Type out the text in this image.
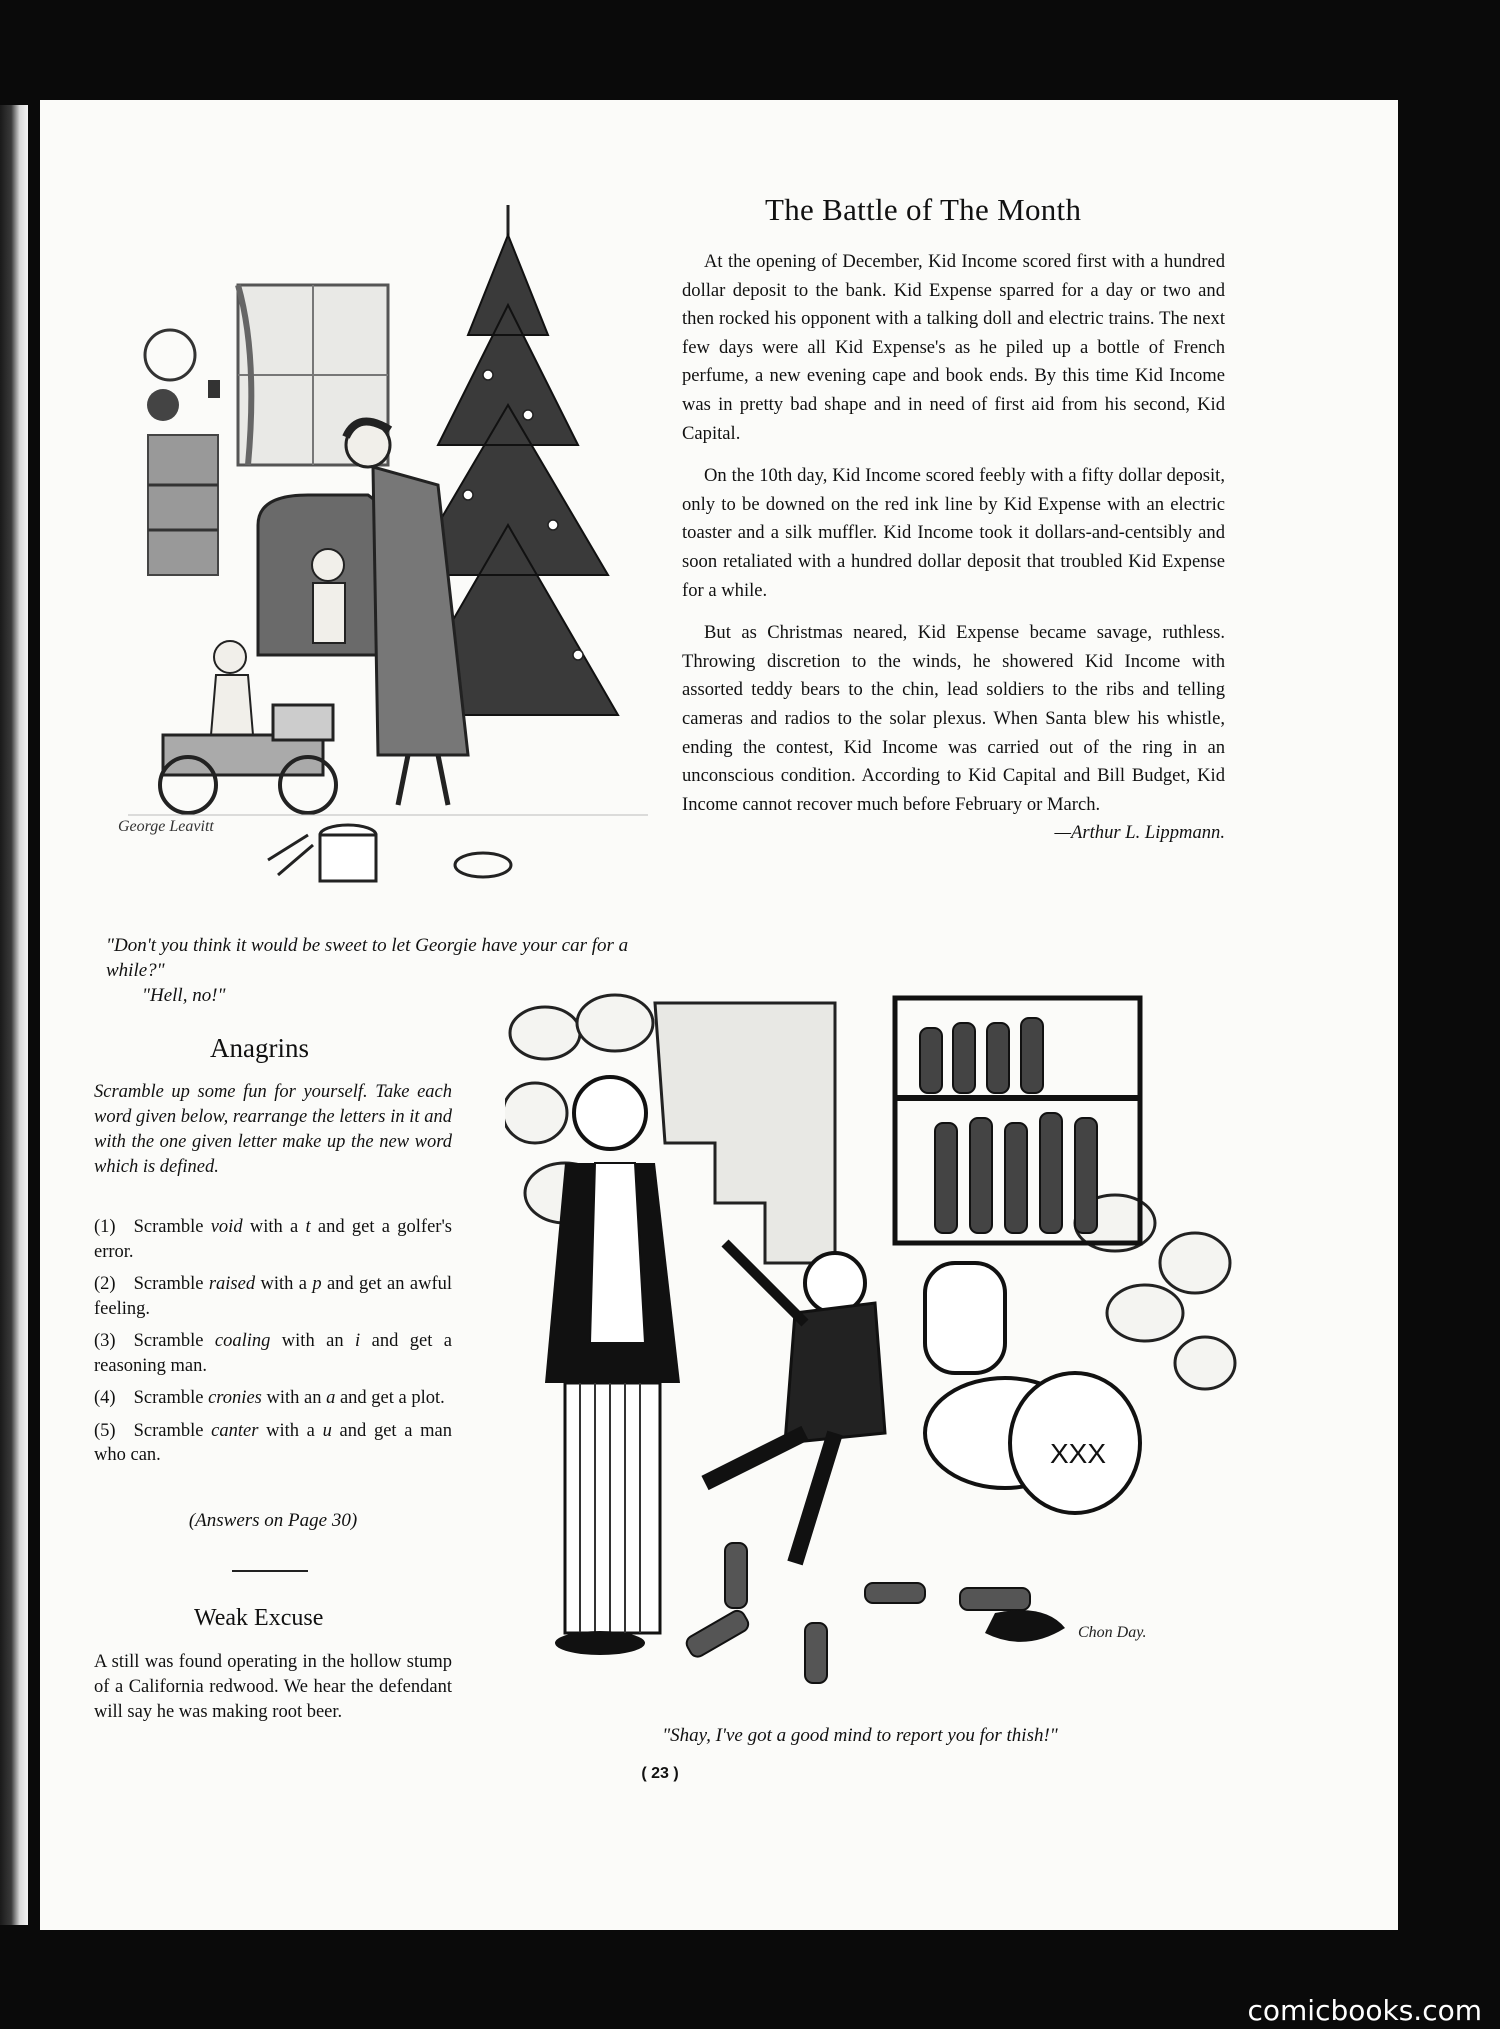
George Leavitt
The Battle of The Month

At the opening of December, Kid Income scored first with a hundred dollar deposit to the bank. Kid Expense sparred for a day or two and then rocked his opponent with a talking doll and electric trains. The next few days were all Kid Expense's as he piled up a bottle of French perfume, a new evening cape and book ends. By this time Kid Income was in pretty bad shape and in need of first aid from his second, Kid Capital.

On the 10th day, Kid Income scored feebly with a fifty dollar deposit, only to be downed on the red ink line by Kid Expense with an electric toaster and a silk muffler. Kid Income took it dollars-and-centsibly and soon retaliated with a hundred dollar deposit that troubled Kid Expense for a while.

But as Christmas neared, Kid Expense became savage, ruthless. Throwing discretion to the winds, he showered Kid Income with assorted teddy bears to the chin, lead soldiers to the ribs and telling cameras and radios to the solar plexus. When Santa blew his whistle, ending the contest, Kid Income was carried out of the ring in an unconscious condition. According to Kid Capital and Bill Budget, Kid Income cannot recover much before February or March.
—Arthur L. Lippmann.

"Don't you think it would be sweet to let Georgie have your car for a while?"
"Hell, no!"
Anagrins

Scramble up some fun for yourself. Take each word given below, rearrange the letters in it and with the one given letter make up the new word which is defined.

(1) Scramble void with a t and get a golfer's error.
(2) Scramble raised with a p and get an awful feeling.
(3) Scramble coaling with an i and get a reasoning man.
(4) Scramble cronies with an a and get a plot.
(5) Scramble canter with a u and get a man who can.
(Answers on Page 30)
Weak Excuse

A still was found operating in the hollow stump of a California redwood. We hear the defendant will say he was making root beer.

XXX
Chon Day.
"Shay, I've got a good mind to report you for thish!"
( 23 )
comicbooks.com
